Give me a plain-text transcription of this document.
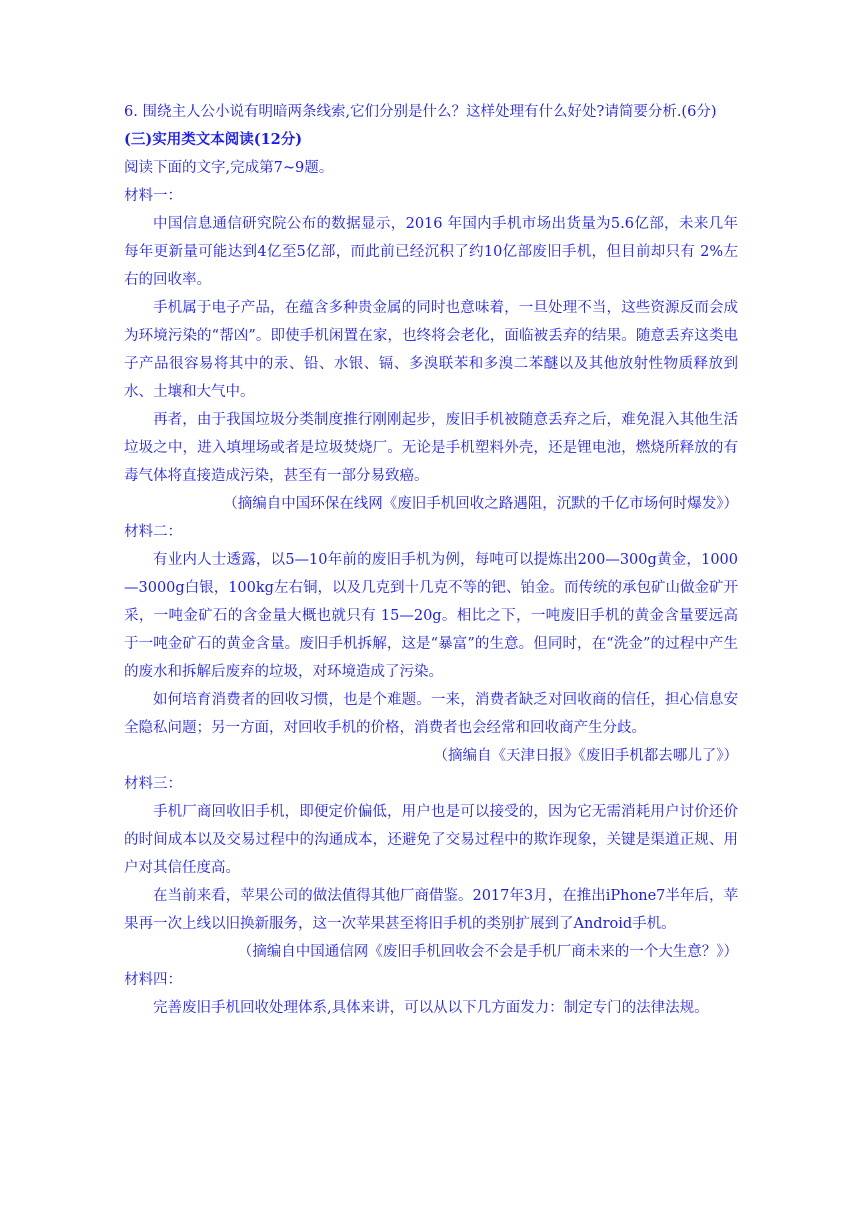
6. 围绕主人公小说有明暗两条线索,它们分别是什么？这样处理有什么好处?请简要分析.(6分)

(三)实用类文本阅读(12分)

阅读下面的文字,完成第7~9题。

材料一：

中国信息通信研究院公布的数据显示，2016 年国内手机市场出货量为5.6亿部，未来几年每年更新量可能达到4亿至5亿部，而此前已经沉积了约10亿部废旧手机，但目前却只有 2%左右的回收率。

手机属于电子产品，在蕴含多种贵金属的同时也意味着，一旦处理不当，这些资源反而会成为环境污染的“帮凶”。即使手机闲置在家，也终将会老化，面临被丢弃的结果。随意丢弃这类电子产品很容易将其中的汞、铅、水银、镉、多溴联苯和多溴二苯醚以及其他放射性物质释放到水、土壤和大气中。

再者，由于我国垃圾分类制度推行刚刚起步，废旧手机被随意丢弃之后，难免混入其他生活垃圾之中，进入填埋场或者是垃圾焚烧厂。无论是手机塑料外壳，还是锂电池，燃烧所释放的有毒气体将直接造成污染，甚至有一部分易致癌。

（摘编自中国环保在线网《废旧手机回收之路遇阻，沉默的千亿市场何时爆发》）

材料二：

有业内人士透露，以5—10年前的废旧手机为例，每吨可以提炼出200—300g黄金，1000—3000g白银，100kg左右铜，以及几克到十几克不等的钯、铂金。而传统的承包矿山做金矿开采，一吨金矿石的含金量大概也就只有 15—20g。相比之下，一吨废旧手机的黄金含量要远高于一吨金矿石的黄金含量。废旧手机拆解，这是“暴富”的生意。但同时，在“洗金”的过程中产生的废水和拆解后废弃的垃圾，对环境造成了污染。

如何培育消费者的回收习惯，也是个难题。一来，消费者缺乏对回收商的信任，担心信息安全隐私问题；另一方面，对回收手机的价格，消费者也会经常和回收商产生分歧。

（摘编自《天津日报》《废旧手机都去哪儿了》）

材料三：

手机厂商回收旧手机，即便定价偏低，用户也是可以接受的，因为它无需消耗用户讨价还价的时间成本以及交易过程中的沟通成本，还避免了交易过程中的欺诈现象，关键是渠道正规、用户对其信任度高。

在当前来看，苹果公司的做法值得其他厂商借鉴。2017年3月，在推出iPhone7半年后，苹果再一次上线以旧换新服务，这一次苹果甚至将旧手机的类别扩展到了Android手机。

（摘编自中国通信网《废旧手机回收会不会是手机厂商未来的一个大生意？》）

材料四：

完善废旧手机回收处理体系,具体来讲，可以从以下几方面发力：制定专门的法律法规。
